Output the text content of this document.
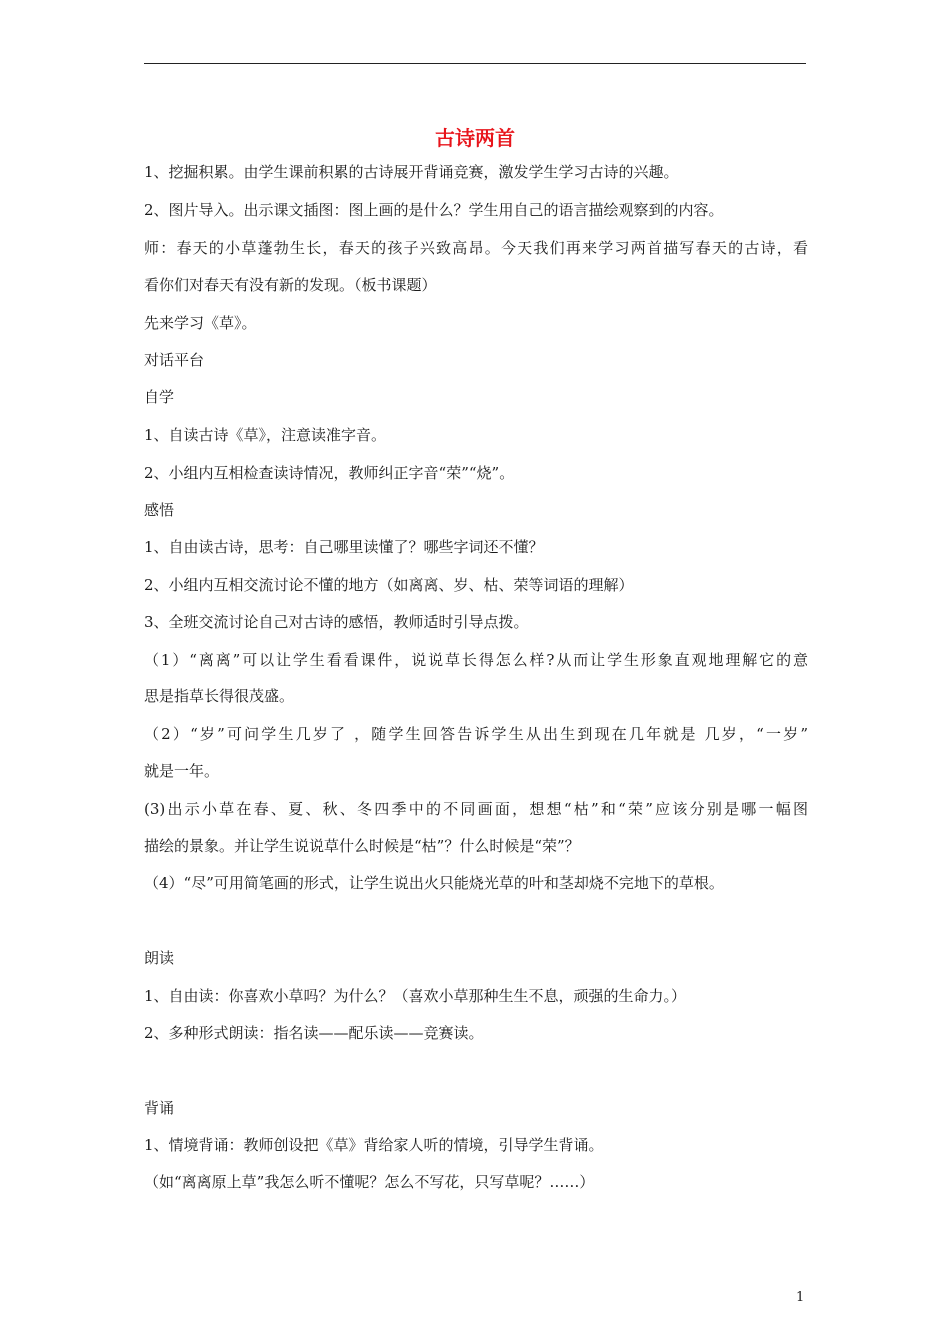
古诗两首
1、挖掘积累。由学生课前积累的古诗展开背诵竞赛，激发学生学习古诗的兴趣。
2、图片导入。出示课文插图：图上画的是什么？学生用自己的语言描绘观察到的内容。
师：春天的小草蓬勃生长，春天的孩子兴致高昂。今天我们再来学习两首描写春天的古诗，看
看你们对春天有没有新的发现。（板书课题）
先来学习《草》。
对话平台
自学
1、自读古诗《草》，注意读准字音。
2、小组内互相检查读诗情况，教师纠正字音“荣”“烧”。
感悟
1、自由读古诗，思考：自己哪里读懂了？哪些字词还不懂？
2、小组内互相交流讨论不懂的地方（如离离、岁、枯、荣等词语的理解）
3、全班交流讨论自己对古诗的感悟，教师适时引导点拨。
（1）“离离”可以让学生看看课件，说说草长得怎么样?从而让学生形象直观地理解它的意
思是指草长得很茂盛。
（2）“岁”可问学生几岁了 ，随学生回答告诉学生从出生到现在几年就是 几岁，“一岁”
就是一年。
(3)出示小草在春、夏、秋、冬四季中的不同画面，想想“枯”和“荣”应该分别是哪一幅图
描绘的景象。并让学生说说草什么时候是“枯”？什么时候是“荣”？
（4）“尽”可用简笔画的形式，让学生说出火只能烧光草的叶和茎却烧不完地下的草根。
朗读
1、自由读：你喜欢小草吗？为什么？（喜欢小草那种生生不息，顽强的生命力。）
2、多种形式朗读：指名读——配乐读——竞赛读。
背诵
1、情境背诵：教师创设把《草》背给家人听的情境，引导学生背诵。
（如“离离原上草”我怎么听不懂呢？怎么不写花，只写草呢？……）
1
